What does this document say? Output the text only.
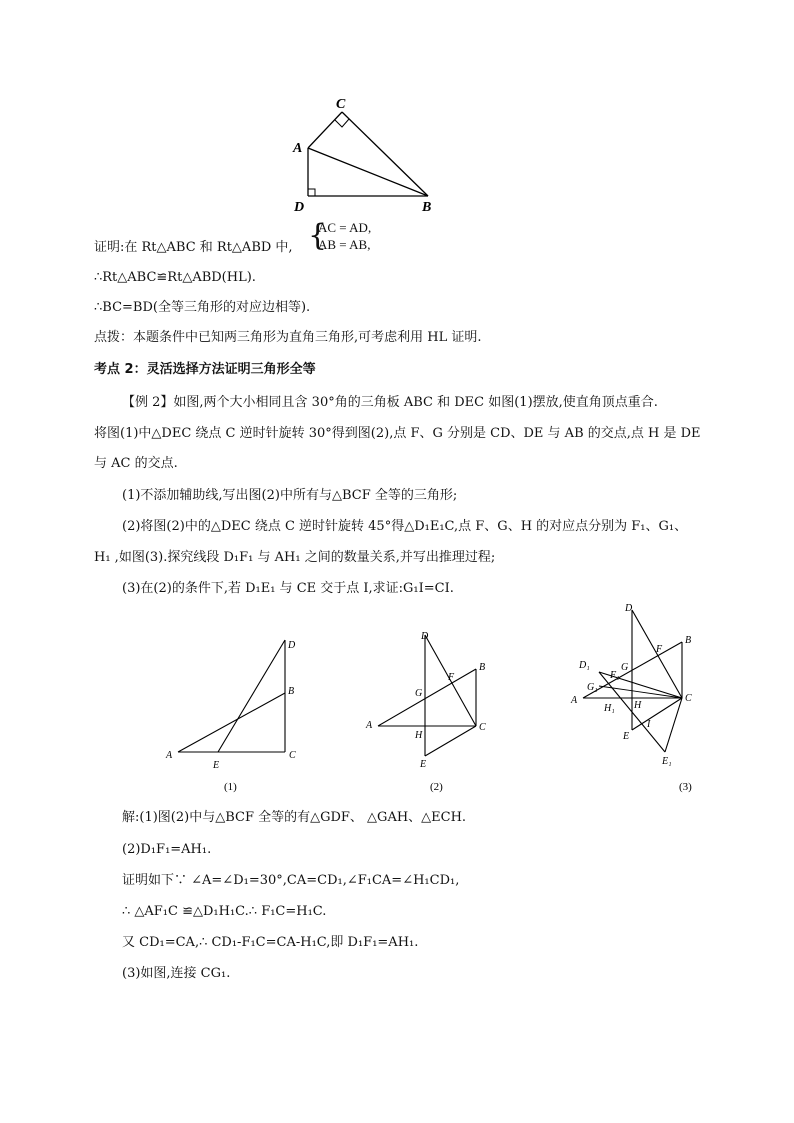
C
A
D	B
证明:在 Rt△ABC 和 Rt△ABD 中, {
AC = AD,
AB = AB,
∴Rt△ABC≌Rt△ABD(HL).
∴BC=BD(全等三角形的对应边相等).
点拨：本题条件中已知两三角形为直角三角形,可考虑利用 HL 证明.
考点 2：灵活选择方法证明三角形全等
【例 2】如图,两个大小相同且含 30°角的三角板 ABC 和 DEC 如图(1)摆放,使直角顶点重合.
将图(1)中△DEC 绕点 C 逆时针旋转 30°得到图(2),点 F、G 分别是 CD、DE 与 AB 的交点,点 H 是 DE
与 AC 的交点.
(1)不添加辅助线,写出图(2)中所有与△BCF 全等的三角形;
(2)将图(2)中的△DEC 绕点 C 逆时针旋转 45°得△D₁E₁C,点 F、G、H 的对应点分别为 F₁、G₁、
H₁ ,如图(3).探究线段 D₁F₁ 与 AH₁ 之间的数量关系,并写出推理过程;
(3)在(2)的条件下,若 D₁E₁ 与 CE 交于点 I,求证:G₁I=CI.
D
B
C
A
E
(1)
D
B
F
G
A	C
H
E
(2)
D
B
F
G
D₁
F₁
G₁
A	C
H₁ H
I
E
E₁
(3)
解:(1)图(2)中与△BCF 全等的有△GDF、 △GAH、△ECH.
(2)D₁F₁=AH₁.
证明如下∵ ∠A=∠D₁=30°,CA=CD₁,∠F₁CA=∠H₁CD₁,
∴ △AF₁C ≌△D₁H₁C.∴ F₁C=H₁C.
又 CD₁=CA,∴ CD₁-F₁C=CA-H₁C,即 D₁F₁=AH₁.
(3)如图,连接 CG₁.
